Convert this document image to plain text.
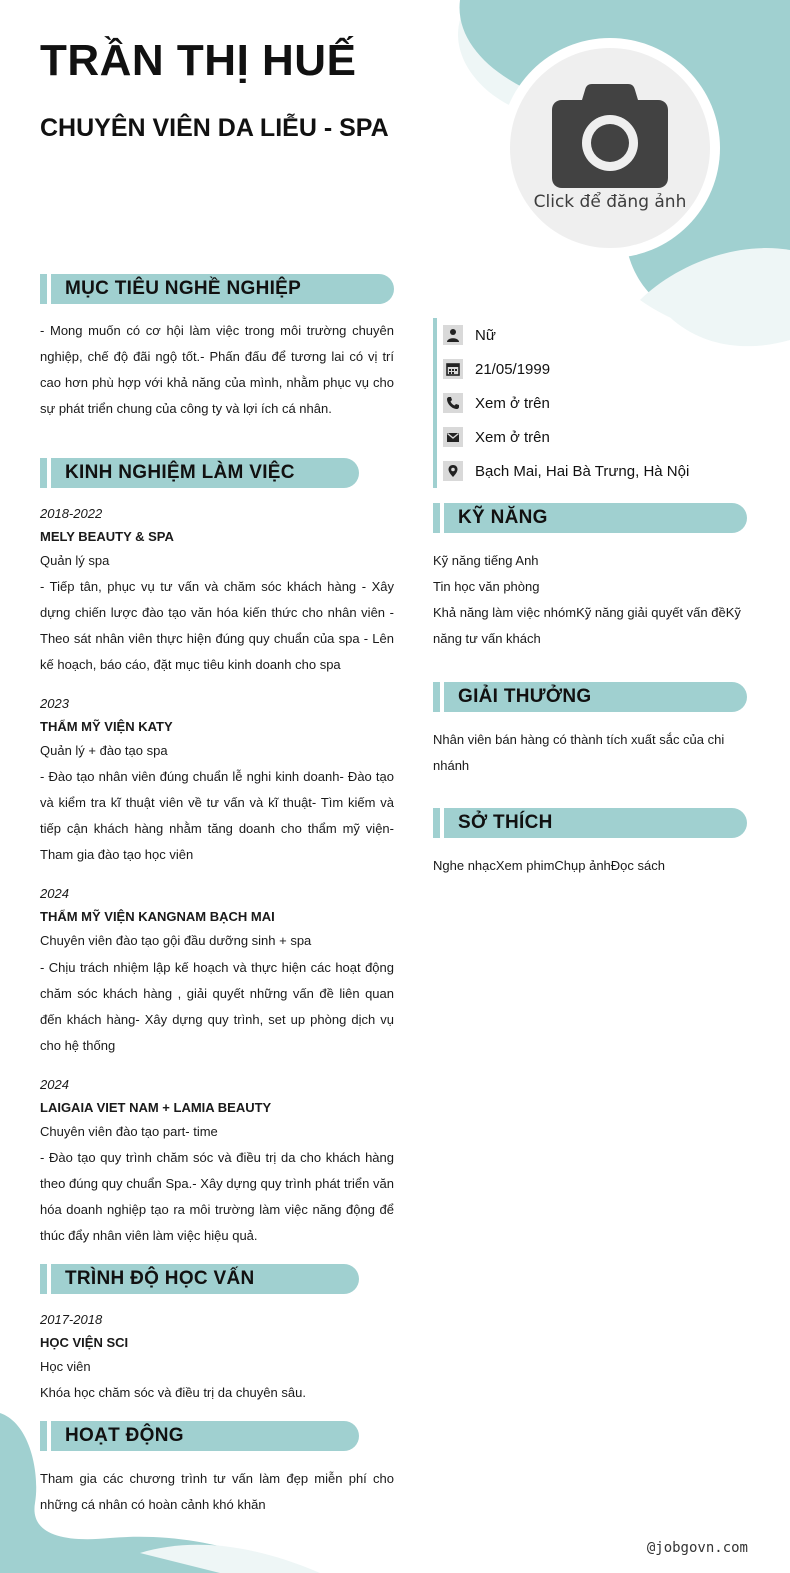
TRẦN THỊ HUẾ
CHUYÊN VIÊN DA LIỄU - SPA
Click để đăng ảnh
MỤC TIÊU NGHỀ NGHIỆP
- Mong muốn có cơ hội làm việc trong môi trường chuyên nghiệp, chế độ đãi ngộ tốt.- Phấn đấu để tương lai có vị trí cao hơn phù hợp với khả năng của mình, nhằm phục vụ cho sự phát triển chung của công ty và lợi ích cá nhân.
KINH NGHIỆM LÀM VIỆC
2018-2022
MELY BEAUTY & SPA
Quản lý spa
- Tiếp tân, phục vụ tư vấn và chăm sóc khách hàng - Xây dựng chiến lược đào tạo văn hóa kiến thức cho nhân viên - Theo sát nhân viên thực hiện đúng quy chuẩn của spa - Lên kế hoạch, báo cáo, đặt mục tiêu kinh doanh cho spa
2023
THẨM MỸ VIỆN KATY
Quản lý + đào tạo spa
- Đào tạo nhân viên đúng chuẩn lễ nghi kinh doanh- Đào tạo và kiểm tra kĩ thuật viên về tư vấn và kĩ thuật- Tìm kiếm và tiếp cận khách hàng nhằm tăng doanh cho thẩm mỹ viện- Tham gia đào tạo học viên
2024
THẨM MỸ VIỆN KANGNAM BẠCH MAI
Chuyên viên đào tạo gội đầu dưỡng sinh + spa
- Chịu trách nhiệm lập kế hoạch và thực hiện các hoạt động chăm sóc khách hàng , giải quyết những vấn đề liên quan đến khách hàng- Xây dựng quy trình, set up phòng dịch vụ cho hệ thống
2024
LAIGAIA VIET NAM + LAMIA BEAUTY
Chuyên viên đào tạo part- time
- Đào tạo quy trình chăm sóc và điều trị da cho khách hàng theo đúng quy chuẩn Spa.- Xây dựng quy trình phát triển văn hóa doanh nghiệp tạo ra môi trường làm việc năng động để thúc đẩy nhân viên làm việc hiệu quả.
TRÌNH ĐỘ HỌC VẤN
2017-2018
HỌC VIỆN SCI
Học viên
Khóa học chăm sóc và điều trị da chuyên sâu.
HOẠT ĐỘNG
Tham gia các chương trình tư vấn làm đẹp miễn phí cho những cá nhân có hoàn cảnh khó khăn
Nữ
21/05/1999
Xem ở trên
Xem ở trên
Bạch Mai, Hai Bà Trưng, Hà Nội
KỸ NĂNG
Kỹ năng tiếng Anh
Tin học văn phòng
Khả năng làm việc nhómKỹ năng giải quyết vấn đềKỹ năng tư vấn khách
GIẢI THƯỞNG
Nhân viên bán hàng có thành tích xuất sắc của chi nhánh
SỞ THÍCH
Nghe nhạcXem phimChụp ảnhĐọc sách
@jobgovn.com
